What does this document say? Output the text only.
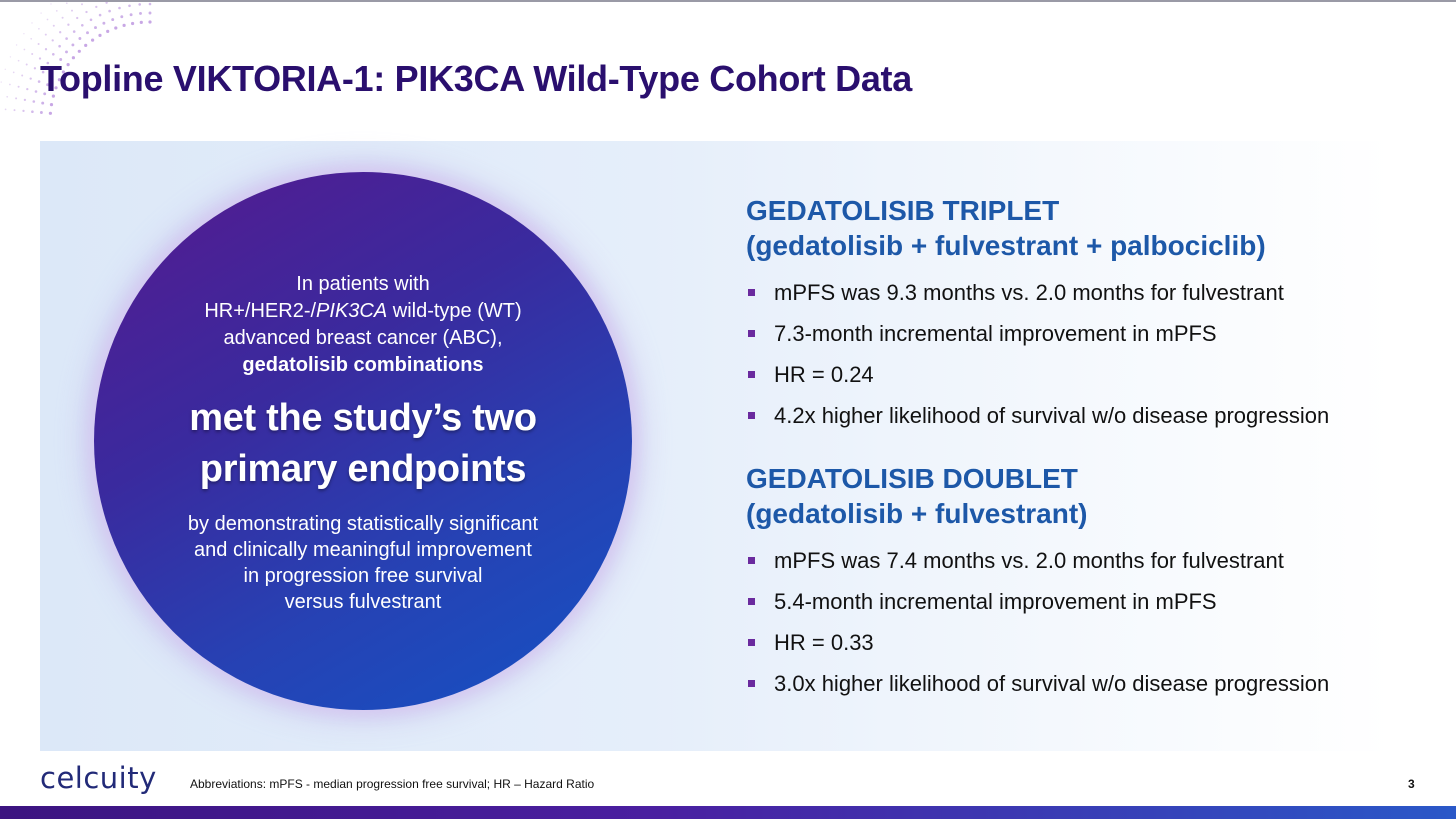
Topline VIKTORIA-1: PIK3CA Wild-Type Cohort Data
In patients with
HR+/HER2-/PIK3CA wild-type (WT)
advanced breast cancer (ABC),
gedatolisib combinations
met the study’s two
primary endpoints
by demonstrating statistically significant
and clinically meaningful improvement
in progression free survival
versus fulvestrant
GEDATOLISIB TRIPLET
(gedatolisib + fulvestrant + palbociclib)
mPFS was 9.3 months vs. 2.0 months for fulvestrant
7.3-month incremental improvement in mPFS
HR = 0.24
4.2x higher likelihood of survival w/o disease progression
GEDATOLISIB DOUBLET
(gedatolisib + fulvestrant)
mPFS was 7.4 months vs. 2.0 months for fulvestrant
5.4-month incremental improvement in mPFS
HR = 0.33
3.0x higher likelihood of survival w/o disease progression
celcuity	Abbreviations: mPFS - median progression free survival; HR – Hazard Ratio	3
